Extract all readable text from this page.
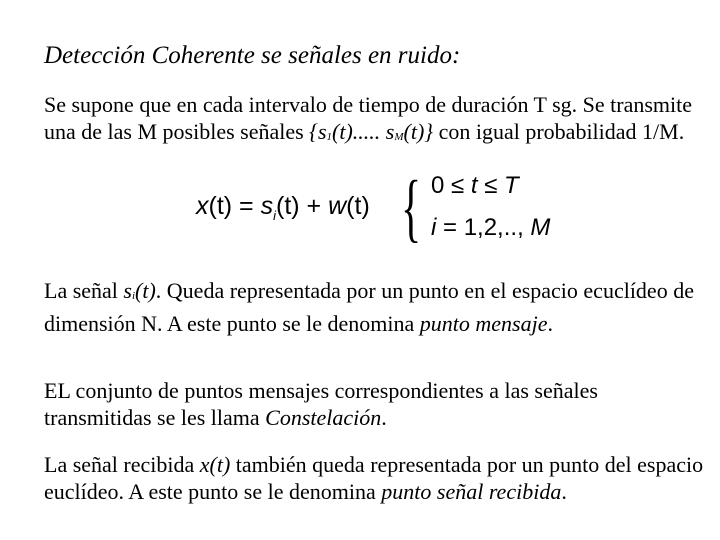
Detección Coherente se señales en ruido:
Se supone que en cada intervalo de tiempo de duración T sg. Se transmite una de las M posibles señales {s1(t)..... sM(t)} con igual probabilidad 1/M.
$x(t) = s_i(t) + w(t)$ { 0 ≤ t ≤ T
i = 1,2,.., M
La señal si(t). Queda representada por un punto en el espacio ecuclídeo de dimensión N. A este punto se le denomina punto mensaje.
EL conjunto de puntos mensajes correspondientes a las señales transmitidas se les llama Constelación.
La señal recibida x(t) también queda representada por un punto del espacio euclídeo. A este punto se le denomina punto señal recibida.
